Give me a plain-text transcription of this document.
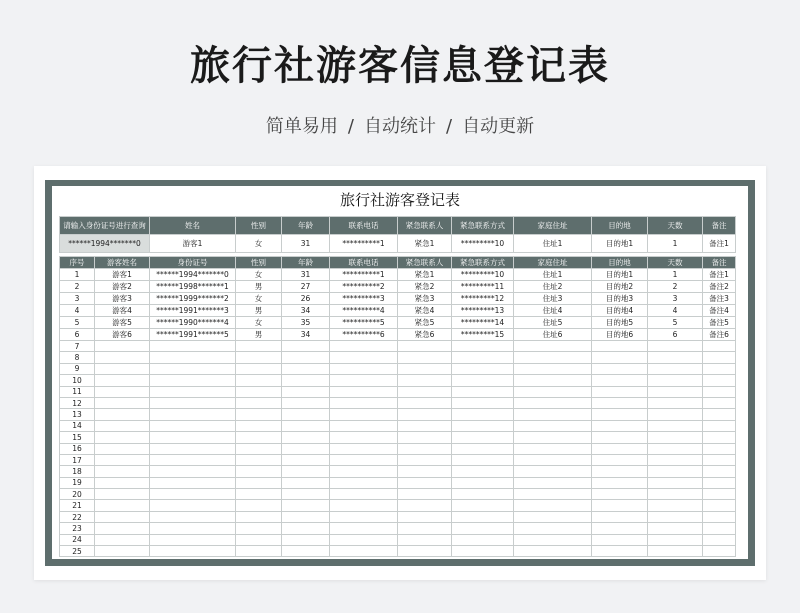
旅行社游客信息登记表
简单易用 / 自动统计 / 自动更新
旅行社游客登记表
请输入身份证号进行查询	姓名	性别	年龄	联系电话	紧急联系人	紧急联系方式	家庭住址	目的地	天数	备注
******1994*******0	游客1	女	31	**********1	紧急1	*********10	住址1	目的地1	1	备注1
序号	游客姓名	身份证号	性别	年龄	联系电话	紧急联系人	紧急联系方式	家庭住址	目的地	天数	备注
1	游客1	******1994*******0	女	31	**********1	紧急1	*********10	住址1	目的地1	1	备注1
2	游客2	******1998*******1	男	27	**********2	紧急2	*********11	住址2	目的地2	2	备注2
3	游客3	******1999*******2	女	26	**********3	紧急3	*********12	住址3	目的地3	3	备注3
4	游客4	******1991*******3	男	34	**********4	紧急4	*********13	住址4	目的地4	4	备注4
5	游客5	******1990*******4	女	35	**********5	紧急5	*********14	住址5	目的地5	5	备注5
6	游客6	******1991*******5	男	34	**********6	紧急6	*********15	住址6	目的地6	6	备注6
7											
8											
9											
10											
11											
12											
13											
14											
15											
16											
17											
18											
19											
20											
21											
22											
23											
24											
25											
